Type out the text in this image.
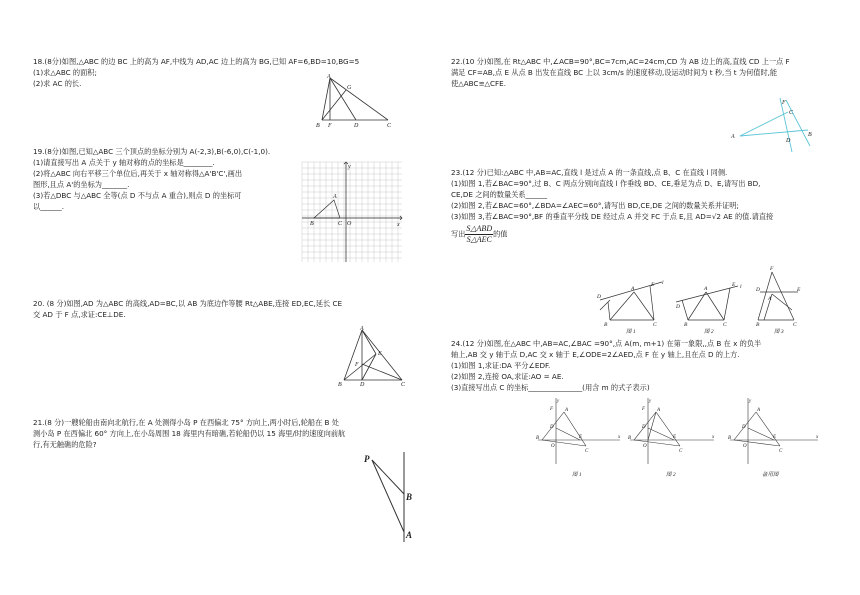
18.(8分)如图,△ABC 的边 BC 上的高为 AF,中线为 AD,AC 边上的高为 BG,已知 AF=6,BD=10,BG=5

(1)求△ABC 的面积;

(2)求 AC 的长.

A
B F	D	C
G

19.(8分)如图,已知△ABC 三个顶点的坐标分别为 A(-2,3),B(-6,0),C(-1,0).

(1)请直接写出 A 点关于 y 轴对称的点的坐标是________.

(2)将△ABC 向右平移三个单位后,再关于 x 轴对称得△A'B'C',画出

图形,且点 A'的坐标为_______.

(3)若△DBC 与△ABC 全等(点 D 不与点 A 重合),则点 D 的坐标可

以______.

y
x
A
B	C O

20. (8 分)如图,AD 为△ABC 的高线,AD=BC,以 AB 为底边作等腰 Rt△ABE,连接 ED,EC,延长 CE

交 AD 于 F 点,求证:CE⊥DE.

A
E
F
B	D	C

21.(8 分)一艘轮船由南向北航行,在 A 处测得小岛 P 在西偏北 75° 方向上,两小时后,轮船在 B 处

测小岛 P 在西偏北 60° 方向上,在小岛周围 18 海里内有暗礁,若轮船仍以 15 海里/时的速度向前航

行,有无触礁的危险?

P
B
A

22.(10 分)如图,在 Rt△ABC 中,∠ACB=90°,BC=7cm,AC=24cm,CD 为 AB 边上的高,直线 CD 上一点 F

满足 CF=AB,点 E 从点 B 出发在直线 BC 上以 3cm/s 的速度移动,设运动时间为 t 秒,当 t 为何值时,能

使△ABC≌△CFE.

A
C
F
B
D

23.(12 分)已知:△ABC 中,AB=AC,直线 l 是过点 A 的一条直线,点 B、C 在直线 l 同侧.

(1)如图 1,若∠BAC=90°,过 B、C 两点分别向直线 l 作垂线 BD、CE,垂足为点 D、E,请写出 BD,

CE,DE 之间的数量关系______

(2)如图 2,若∠BAC=60°,∠BDA=∠AEC=60°,请写出 BD,CE,DE 之间的数量关系并证明;

(3)如图 3,若∠BAC=90°,BF 的垂直平分线 DE 经过点 A 并交 FC 于点 E,且 AD=√2 AE 的值.请直接

写出 $\frac{\text{S△ABD}}{\text{S△AEC}}$ 的值

D
A
E l
B	C
D
A
E l
B	C
F
D	E
A
B	C
图 1	图 2	图 3

24.(12 分)如图,在△ABC 中,AB=AC,∠BAC =90°,点 A(m, m+1) 在第一象限,,点 B 在 x 的负半

轴上,AB 交 y 轴于点 D,AC 交 x 轴于 E,∠ODE=2∠AED,点 F 在 y 轴上,且在点 D 的上方.

(1)如图 1,求证:DA 平分∠EDF.

(2)如图 2,连接 OA,求证:AO = AE.

(3)直接写出点 C 的坐标_______________(用含 m 的式子表示)

y
F A
D
B
O
E	x
C
y
F A
D
B
O
E	x
C
y
A
D
B
O
E	x
C
图 1	图 2	备用图
